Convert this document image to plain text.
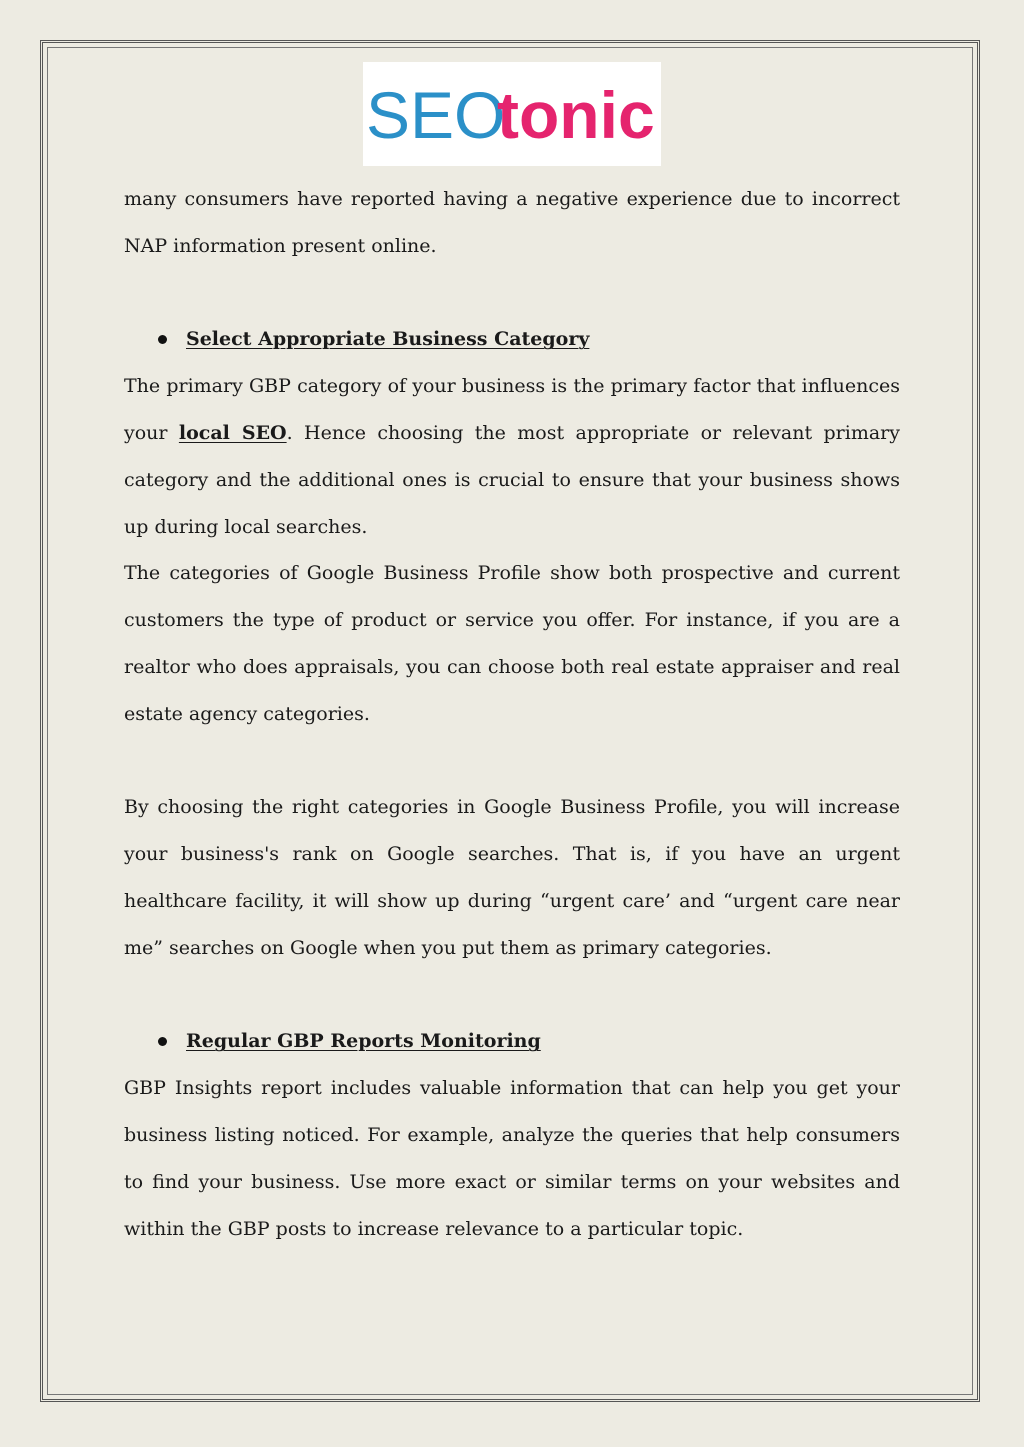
SEO
tonic

many consumers have reported having a negative experience due to incorrect NAP information present online.

Select Appropriate Business Category

The primary GBP category of your business is the primary factor that influences your local SEO. Hence choosing the most appropriate or relevant primary category and the additional ones is crucial to ensure that your business shows up during local searches.

The categories of Google Business Profile show both prospective and current customers the type of product or service you offer. For instance, if you are a realtor who does appraisals, you can choose both real estate appraiser and real estate agency categories.

By choosing the right categories in Google Business Profile, you will increase your business's rank on Google searches. That is, if you have an urgent healthcare facility, it will show up during “urgent care’ and “urgent care near me” searches on Google when you put them as primary categories.

Regular GBP Reports Monitoring

GBP Insights report includes valuable information that can help you get your business listing noticed. For example, analyze the queries that help consumers to find your business. Use more exact or similar terms on your websites and within the GBP posts to increase relevance to a particular topic.
